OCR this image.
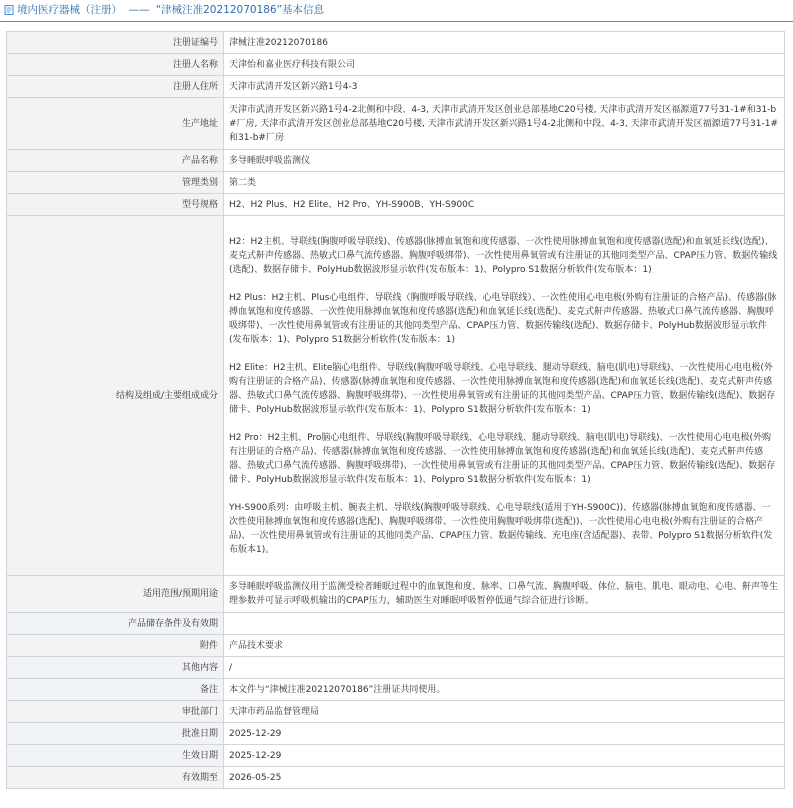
境内医疗器械（注册） —— “津械注准20212070186”基本信息
注册证编号	津械注准20212070186
注册人名称	天津怡和嘉业医疗科技有限公司
注册人住所	天津市武清开发区新兴路1号4-3
生产地址	天津市武清开发区新兴路1号4-2北侧和中段、4-3, 天津市武清开发区创业总部基地C20号楼, 天津市武清开发区福源道77号31-1#和31-b#厂房, 天津市武清开发区创业总部基地C20号楼, 天津市武清开发区新兴路1号4-2北侧和中段、4-3, 天津市武清开发区福源道77号31-1#和31-b#厂房
产品名称	多导睡眠呼吸监测仪
管理类别	第二类
型号规格	H2、H2 Plus、H2 Elite、H2 Pro、YH-S900B、YH-S900C
结构及组成/主要组成成分	H2：H2主机、导联线(胸腹呼吸导联线)、传感器(脉搏血氧饱和度传感器、一次性使用脉搏血氧饱和度传感器(选配)和血氧延长线(选配)、麦克式鼾声传感器、热敏式口鼻气流传感器、胸腹呼吸绑带)、一次性使用鼻氧管或有注册证的其他同类型产品、CPAP压力管、数据传输线(选配)、数据存储卡、PolyHub数据波形显示软件(发布版本：1)、Polypro S1数据分析软件(发布版本：1)

H2 Plus：H2主机、Plus心电组件、导联线（胸腹呼吸导联线、心电导联线）、一次性使用心电电极(外购有注册证的合格产品)、传感器(脉搏血氧饱和度传感器、一次性使用脉搏血氧饱和度传感器(选配)和血氧延长线(选配)、麦克式鼾声传感器、热敏式口鼻气流传感器、胸腹呼吸绑带)、一次性使用鼻氧管或有注册证的其他同类型产品、CPAP压力管、数据传输线(选配)、数据存储卡、PolyHub数据波形显示软件(发布版本：1)、Polypro S1数据分析软件(发布版本：1)

H2 Elite：H2主机、Elite脑心电组件、导联线(胸腹呼吸导联线、心电导联线、腿动导联线、脑电(肌电)导联线)、一次性使用心电电极(外购有注册证的合格产品)、传感器(脉搏血氧饱和度传感器、一次性使用脉搏血氧饱和度传感器(选配)和血氧延长线(选配)、麦克式鼾声传感器、热敏式口鼻气流传感器、胸腹呼吸绑带)、一次性使用鼻氧管或有注册证的其他同类型产品、CPAP压力管、数据传输线(选配)、数据存储卡、PolyHub数据波形显示软件(发布版本：1)、Polypro S1数据分析软件(发布版本：1)

H2 Pro：H2主机、Pro脑心电组件、导联线(胸腹呼吸导联线、心电导联线、腿动导联线、脑电(肌电)导联线)、一次性使用心电电极(外购有注册证的合格产品)、传感器(脉搏血氧饱和度传感器、一次性使用脉搏血氧饱和度传感器(选配)和血氧延长线(选配)、麦克式鼾声传感器、热敏式口鼻气流传感器、胸腹呼吸绑带)、一次性使用鼻氧管或有注册证的其他同类型产品、CPAP压力管、数据传输线(选配)、数据存储卡、PolyHub数据波形显示软件(发布版本：1)、Polypro S1数据分析软件(发布版本：1)

YH-S900系列：由呼吸主机、腕表主机、导联线(胸腹呼吸导联线、心电导联线(适用于YH-S900C))、传感器(脉搏血氧饱和度传感器、一次性使用脉搏血氧饱和度传感器(选配)、胸腹呼吸绑带、一次性使用胸腹呼吸绑带(选配))、一次性使用心电电极(外购有注册证的合格产品)、一次性使用鼻氧管或有注册证的其他同类产品、CPAP压力管、数据传输线、充电座(含适配器)、表带、Polypro S1数据分析软件(发布版本1)。

适用范围/预期用途	多导睡眠呼吸监测仪用于监测受检者睡眠过程中的血氧饱和度、脉率、口鼻气流、胸腹呼吸、体位、脑电、肌电、眼动电、心电、鼾声等生理参数并可显示呼吸机输出的CPAP压力，辅助医生对睡眠呼吸暂停低通气综合征进行诊断。
产品储存条件及有效期	
附件	产品技术要求
其他内容	/
备注	本文件与“津械注准20212070186”注册证共同使用。
审批部门	天津市药品监督管理局
批准日期	2025-12-29
生效日期	2025-12-29
有效期至	2026-05-25
